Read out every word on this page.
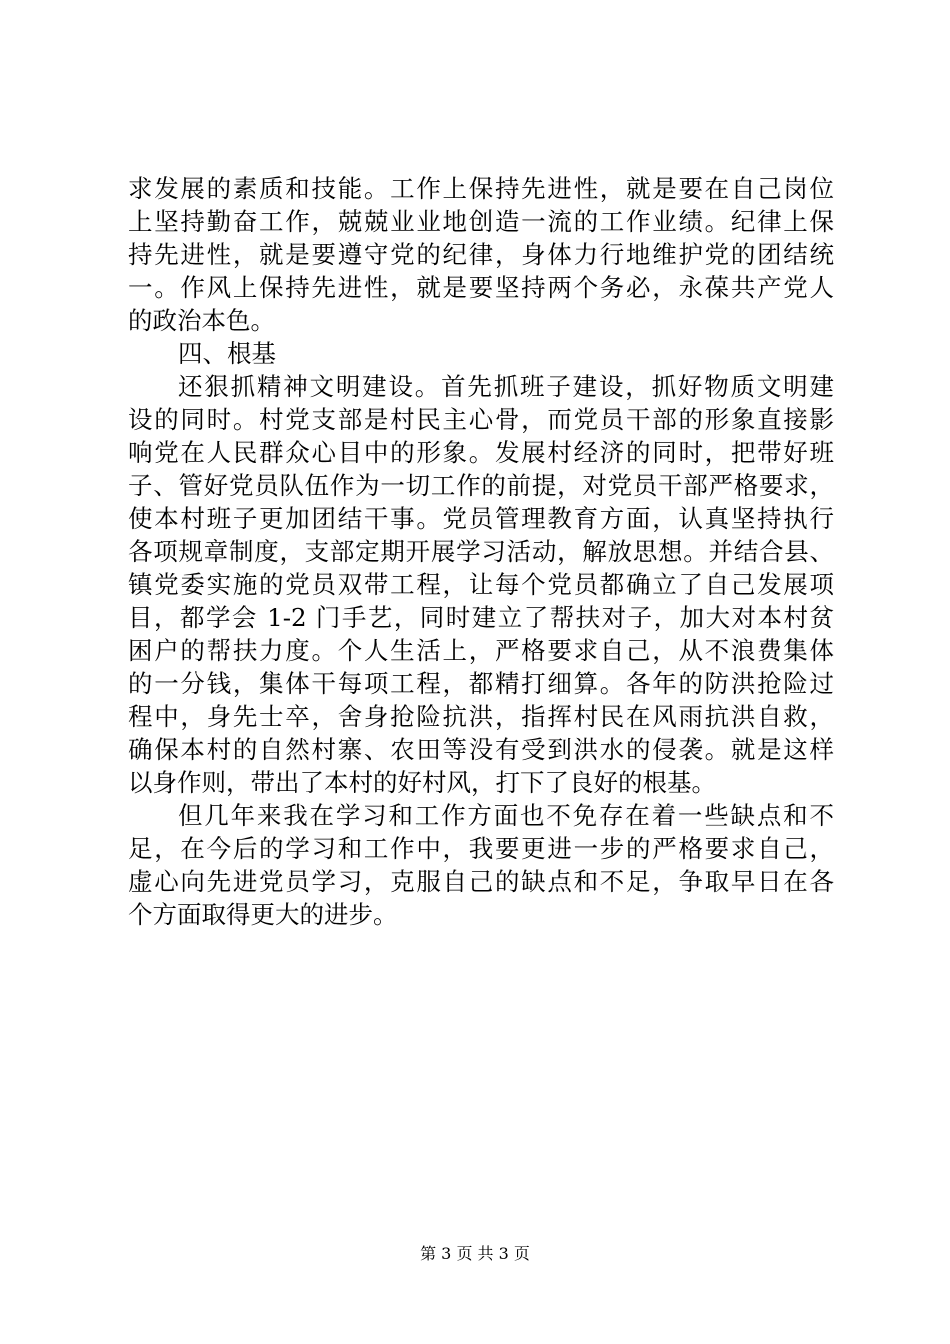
求发展的素质和技能。工作上保持先进性，就是要在自己岗位
上坚持勤奋工作，兢兢业业地创造一流的工作业绩。纪律上保
持先进性，就是要遵守党的纪律，身体力行地维护党的团结统
一。作风上保持先进性，就是要坚持两个务必，永葆共产党人
的政治本色。
四、根基
还狠抓精神文明建设。首先抓班子建设，抓好物质文明建
设的同时。村党支部是村民主心骨，而党员干部的形象直接影
响党在人民群众心目中的形象。发展村经济的同时，把带好班
子、管好党员队伍作为一切工作的前提，对党员干部严格要求，
使本村班子更加团结干事。党员管理教育方面，认真坚持执行
各项规章制度，支部定期开展学习活动，解放思想。并结合县、
镇党委实施的党员双带工程，让每个党员都确立了自己发展项
目，都学会 1-2 门手艺，同时建立了帮扶对子，加大对本村贫
困户的帮扶力度。个人生活上，严格要求自己，从不浪费集体
的一分钱，集体干每项工程，都精打细算。各年的防洪抢险过
程中，身先士卒，舍身抢险抗洪，指挥村民在风雨抗洪自救，
确保本村的自然村寨、农田等没有受到洪水的侵袭。就是这样
以身作则，带出了本村的好村风，打下了良好的根基。
但几年来我在学习和工作方面也不免存在着一些缺点和不
足，在今后的学习和工作中，我要更进一步的严格要求自己，
虚心向先进党员学习，克服自己的缺点和不足，争取早日在各
个方面取得更大的进步。
第 3 页 共 3 页
